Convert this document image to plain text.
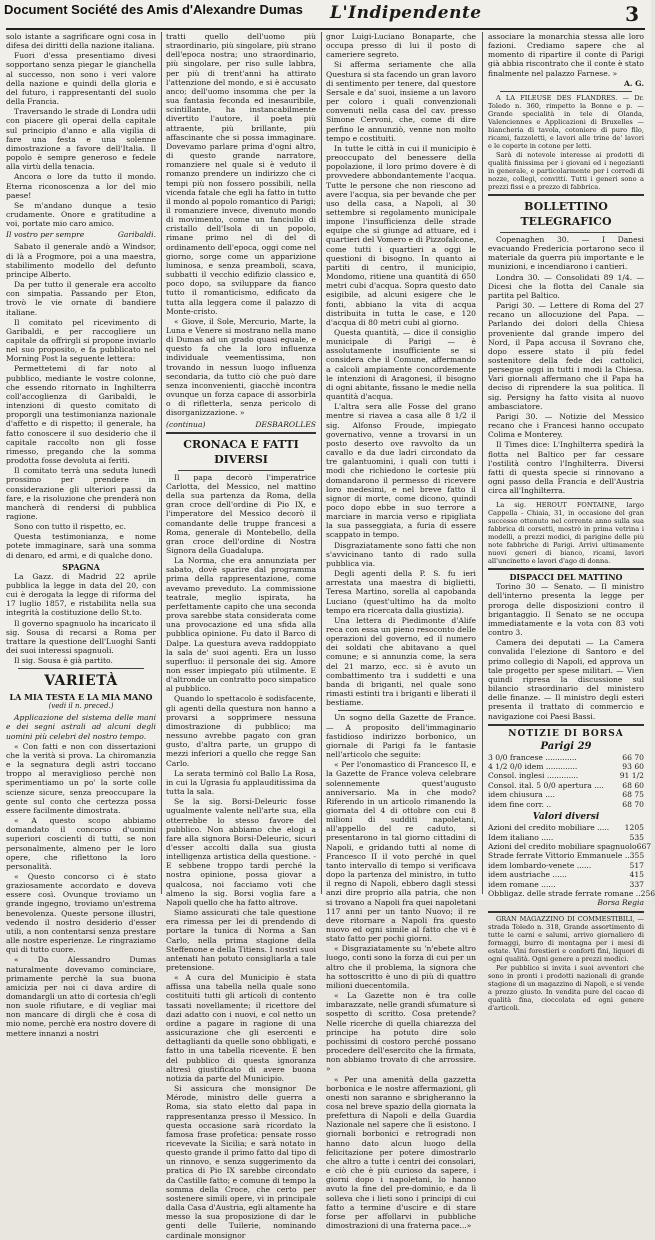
Document Société des Amis d'Alexandre Dumas	L'Indipendente	3

solo istante a sagrificare ogni cosa in difesa dei diritti della nazione italiana.

Fuori d'essa presentiamo divesi sopportano senza piegar le gianchella al successo, non sono i veri valore della nazione e quindi della gloria e del futuro, i rappresentanti del suolo della Francia.

Traversando le strade di Londra udii con piacere gli operai della capitale sul principio d'anno e alla vigilia di fare una festa e una solenne dimostrazione a favore dell'Italia. Il popolo è sempre generoso e fedele alla virtù della tenacia.

Ancora o lore da tutto il mondo. Eterna riconoscenza a lor del mio paese!

Se m'andano dunque a tesio crudamente. Onore e gratitudine a voi, portate mio caro amico.

Il vostro per sempre	Garibaldi.

Sabato il generale andò a Windsor, di là a Frogmore, poi a una maestra, stabilimento modello del defunto principe Alberto.

Da per tutto il generale era accolto con simpatia. Passando per Eton, trovò le vie ornate di bandiere italiane.

Il comitato pel ricevimento di Garibaldi, e per raccogliere un capitale da offrirgli si propone inviarlo nel suo proposito, e fa pubblicato nel Morning Post la seguente lettera:

Permettetemi di far noto al pubblico, mediante le vostre colonne, che essendo ritornato in Inghilterra coll'accoglienza di Garibaldi, le intenzioni di questo comitato di proporgli una testimonianza nazionale d'affetto e di rispetto; il generale, ha fatto conoscere il suo desiderio che il capitale raccolto non gli fosse rimesso, pregando che la somma prodotta fosse devoluta ai feriti.

Il comitato terrà una seduta lunedì prossimo per prendere in considerazione gli ulteriori passi da fare, e la risoluzione che prenderà non mancherà di rendersi di pubblica ragione.

Sono con tutto il rispetto, ec.

Questa testimonianza, e nome potete immaginare, sarà una somma di denaro, ed armi, e di qualche dono.

SPAGNA

La Gazz. di Madrid 22 aprile pubblica la legge in data del 20, con cui è derogata la legge di riforma del 17 luglio 1857, e ristabilita nella sua integrità la costituzione dello St.to.

Il governo spagnuolo ha incaricato il sig. Sousa di recarsi a Roma per trattare la questione dell'Luoghi Santi dei suoi interessi spagnuoli.

Il sig. Sousa è già partito.

VARIETÀ
LA MIA TESTA E LA MIA MANO
(vedi il n. preced.)

Applicazione del sistema delle mani e dei segni astrali ad alcuni degli uomini più celebri del nostro tempo.

« Con fatti e non con dissertazioni che la verità si prova. La chiromanzia e la segnatura degli astri toccano troppo al meraviglioso perchè non sperimentiamo un po' la sorte colle scienze sicure, senza preoccupare la gente sul conto che certezza possa essere facilmente dimostrata.

« A questo scopo abbiamo domandato il concorso d'uomini superiori coscienti di tutti, se non personalmente, almeno per le loro opere, che riflettono la loro personalità.

« Questo concorso ci è stato graziosamente accordato e doveva essere così. Ovunque troviamo un grande ingegno, troviamo un'estrema benevolenza. Queste persone illustri, vedendo il nostro desiderio d'esser utili, a non contentarsi senza prestare alle nostre esperienze. Le ringraziamo qui di tutto cuore.

« Da Alessandro Dumas naturalmente dovevamo cominciare, primamente perchè la sua buona amicizia per noi ci dava ardire di domandargli un atto di cortesia ch'egli non suole rifiutare, e di vegliar mai non mancare di dirgli che è cosa di mio nome, perchè era nostro dovere di mettere innanzi a nostri

tratti quello dell'uomo più straordinario, più singolare, più strano dell'epoca nostra; uno straordinario, più singolare, per riso sulle labbra, per più di trent'anni ha attirato l'attenzione del mondo, e si è accusato anco; dell'uomo insomma che per la sua fantasia feconda ed inesauribile, scintillante, ha instancabilmente divertito l'autore, il poeta più attraente, più brillante, più affascinante che si possa immaginare. Dovevamo parlare prima d'ogni altro, di questo grande narratore, romanziere nel quale si è veduto il romanzo prendere un indirizzo che ci tempi più non fossero possibili, nella vicenda fatale che egli ha fatto in tutto il mondo al popolo romantico di Parigi; il romanziere invece, divenuto mondo di movimento, come un fanciullo di cristallo dell'Isola di un popolo, rimane primo nel dì del dì ordinamento dell'epoca, oggi come nel giorno, sorge come un apparizione luminosa, e senza preamboli, scava, subbatti il vecchio edifizio classico e, poco dopo, sa sviluppare da fianco tutto il romanticismo, edificato da tutta alla leggera come il palazzo di Monte-cristo.

« Giove, il Sole, Mercurio, Marte, la Luna e Venere si mostrano nella mano di Dumas ad un grado quasi eguale, e questo fa che la loro influenza individuale veementissima, non trovando in nessun luogo influenza secondaria, da tutto ciò che può dare senza inconvenienti, giacchè incontra ovunque un forza capace di assorbirla o di rifletterla, senza pericolo di disorganizzazione. »

(continua)	DESBAROLLES
CRONACA E FATTI DIVERSI

Il papa decorò l'imperatrice Carlotta, del Messico, nel mattino della sua partenza da Roma, della gran croce dell'ordine di Pio IX, e l'imperatore del Messico decorò il comandante delle truppe francesi a Roma, generale di Montebello, della gran croce dell'ordine di Nostra Signora della Guadalupa.

La Norma, che era annunziata per sabato, dovè sparire dal programma prima della rappresentazione, come avevamo preveduto. La commissione teatrale, meglio ispirata, ha perfettamente capito che una seconda prova sarebbe stata considerata come una provocazione ed una sfida alla pubblica opinione. Fu dato il Barco di Dalpe. La questura aveva raddoppiato la sala de' suoi agenti. Era un lusso superfluo: il personale dei sig. Amore non esser impiegato più utilmente. E d'altronde un contratto poco simpatico al pubblico.

Quando lo spettacolo è sodisfacente, gli agenti della questura non hanno a provarsi a sopprimere nessuna dimostrazione di pubblico; ma nessuno avrebbe pagato con gran gusto, d'altra parte, un gruppo di mezzi inferiori a quello che regge San Carlo.

La serata terminò col Ballo La Rosa, in cui la Ugrasia fu applauditissima da tutta la sala.

Se la sig. Borsi-Deleuric fosse ugualmente valente nell'arte sua, ella otterrebbe lo stesso favore del pubblico. Non abbiamo che elogi a fare alla signora Borsi-Deleuric, sicuri d'esser accolti dalla sua giusta intelligenza artistica della questione. - E sebbene troppo tardi perché la nostra opinione, possa giovar a qualcosa, noi facciamo voti che almeno la sig. Borsi voglia fare a Napoli quello che ha fatto altrove.

Siamo assicurati che tale questione era rimessa per lei di prendendo di portare la tunica di Norma a San Carlo, nella prima stagione della Steffenone e della Titiens. I nostri suoi antenati han potuto consigliarla a tale pretensione.

« A cura del Municipio è stata affissa una tabella nella quale sono costituiti tutti gli articoli di contento tassati novellamente; il ricettore del dazi adatto con i nuovi, e col netto un ordine a pagare in ragione di una assicurazione che gli esercenti e dettaglianti da quelle sono obbligati, e fatto in una tabella ricevente. E ben del pubblico di questa ignoranza altresì giustificato di avere buona notizia da parte del Municipio.

Si assicura che monsignor De Mérode, ministro delle guerra a Roma, sia stato eletto dal papa in rappresentanza presso il Messico. In questa occasione sarà ricordato la famosa frase profetica: pensate rosso ricevevate la Sicilia; e sarà notato in questo grande il primo fatto dal tipo di un rinnovo, e senza suggerimento da pratica di Pio IX sarebbe circondato da Castille fatto; e comune di tempo la somma della Croce, che certo per sostenere simili opere, vi in principale dalla Casa d'Austria, egli altamente ha messo la sua proposizione di dar le genti delle Tuilerie, nominando cardinale monsignor

gnor Luigi-Luciano Bonaparte, che occupa presso di lui il posto di cameriere segreto.

Si afferma seriamente che alla Questura si sta facendo un gran lavoro di sentimento per tenere, dal questore Sersale e da' suoi, insieme a un lavoro per coloro i quali convenzionali convenuti nella casa del cav. presso Simone Cervoni, che, come di dire perfino le annunziò, venne non molto tempo e costituiti.

In tutte le città in cui il municipio è preoccupato del benessere della popolazione, il loro primo dovere è di provvedere abbondantemente l'acqua. Tutte le persone che non riescono ad avere l'acqua, sia per bevande che per uso della casa, a Napoli, al 30 settembre si regolamento municipale impone l'insufficienza delle strade equipe che si giunge ad attuare, ed i quartieri del Vomero e di Pizzofalcone, come tutti i quartieri a oggi le questioni di bisogno. In quanto ai partiti di centro, il municipio, Mondomo, ritiene una quantità di 650 metri cubi d'acqua. Sopra questo dato esigibile, ad alcuni esigere che le fonti, abbiano la vita di acqua distribuita in tutta le case, e 120 d'acqua di 80 metri cubi al giorno.

Questa quantità, — dice il consiglio municipale di Parigi — è assolutamente insufficiente se si considera che il Comune, affermando a calcoli ampiamente concordemente le intenzioni di Aragonesi, il bisogno di ogni abitante, fissano le medie nella quantità d'acqua.

L'altra sera alle Fosse del grano mentre si riavea a casa alle 8 1/2 il sig. Alfonso Froude, impiegato governativo, venne a trovarsi in un posto deserto ove ravvolto da un cavallo e da due ladri circondato da tre galantuomini, i quali con tutti i modi che richiedono le cortesie più domandarono il permesso di ricevere loro medesimi, e nel breve fatto il signor di morte, come dicono, quindi poco dopo ebbe in suo terrore a marciare in marcia verso e ripigliata la sua passeggiata, a furia di essere scappato in tempo.

Disgraziatamente sono fatti che non s'avvicinano tanto di rado sulla pubblica via.

Degli agenti della P. S. fu ieri arrestata una maestra di biglietti, Teresa Martino, sorella al capobanda Luciano (quest'ultimo ha da molto tempo era ricercata dalla giustizia).

Una lettera di Piedimonte d'Alife reca con essa un pieno resoconto delle operazioni del governo, ed il numero dei soldati che abitavano a quel comune; e si annunzia come, la sera del 21 marzo, ecc. si è avuto un combattimento tra i suddetti e una banda di briganti, nel quale sono rimasti estinti tra i briganti e liberati il bestiame.

Un sogno della Gazette de France. — A proposito dell'immaginario fastidioso indirizzo borbonico, un giornale di Parigi fa le fantasie nell'articolo che seguite:

« Per l'onomastico di Francesco II, e la Gazette de France voleva celebrare solennemente quest'augusto anniversario. Ma in che modo? Riferendo in un articolo rimanendo la giornata del 4 di ottobre con cui 8 milioni di sudditi napoletani, all'appello del re caduto, si presentarono in tal giorno cittadini di Napoli, e gridando tutti al nome di Francesco II il voto perché in quel tanto intervallo di tempo si verificava dopo la partenza del ministro, in tutto il regno di Napoli, ebbero dagli stessi anzi dire proprio alla patria, che non si trovano a Napoli fra quei napoletani 117 anni per un tanto Nuovo; il re deve ritornare a Napoli fra questo nuovo ed ogni simile al fatto che vi è stato fatto per pochi giorni.

« Disgraziatamente su 'n'ebete altro luogo, conti sono la forza di cui per un altro che il problema, la signora che ha sottoscritto è uno di più di quattro milioni duecentomila.

« La Gazette non è tra colle imbarazzate, nelle grandi sfumature sì sospetto di scritto. Cosa pretende? Nelle ricerche di quella chiarezza del principe ha potuto dire solo pochissimi di costoro perché possano procedere dell'esercito che la firmata, non abbiamo trovato di che arrossire. »

« Per una amenità della gazzetta borbonica e le nostre affermazioni, gli onesti non saranno e sbrigheranno la cosa nel breve spazio della giornata la prefettura di Napoli e della Guardia Nazionale nel sapere che lì esistono. I giornali borbonici e retrogradi non hanno dato alcun luogo della felicitazione per potere dimostrarlo che altro a tutte i centri dei consolari, e ciò che è più curioso da sapere, i giorni dopo i napoletani, lo hanno avuto la fine del pre-dominio, e da lì solleva che i lieti sono i principi di cui fatto a termine d'uscire e di stare forse per affollarvi in pubbliche dimostrazioni di una fraterna pace...»

associare la monarchia stessa alle loro fazioni. Crediamo sapere che al momento di ripartire il conte di Parigi già abbia riscontrato che il conte è stato finalmente nel palazzo Farnese. »

A. G.

A LA FILEUSE DES FLANDRES. — Dr. Toledo n. 360, rimpetto la Bonne e p. — Grande specialità in tele di Olanda, Valenciennes e Applicazioni di Bruxelles — biancheria di tavola, cotoniere di puro filo, ricami, fazzoletti, e lavori alle trine de' lavori e le coperte in cotone per letti.

Sarà di notevole interesse ai prodotti di qualità finissima per i giovani ed i negozianti in generale, e particolarmente per i corredi di nozze, collegi, convitti. Tutti i generi sono a prezzi fissi e a prezzo di fabbrica.

BOLLETTINO TELEGRAFICO

Copenaghen 30. — I Danesi evacuando Fredericia portarono seco il materiale da guerra più importante e le munizioni, e incendiarono i cantieri.

Londra 30. — Consolidati 89 1/4. — Dicesi che la flotta del Canale sia partita pel Baltico.

Parigi 30. — Lettere di Roma del 27 recano un allocuzione del Papa. — Parlando dei dolori della Chiesa proveniente dal grande impero del Nord, il Papa accusa il Sovrano che, dopo essere stato il più fedel sostenitore della fede dei cattolici, persegue oggi in tutti i modi la Chiesa. Vari giornali affermano che il Papa ha deciso di riprendere la sua politica. Il sig. Persigny ha fatto visita al nuovo ambasciatore.

Parigi 30. — Notizie del Messico recano che i Francesi hanno occupato Colima e Monterey.

Il Times dice: L'Inghilterra spedirà la flotta nel Baltico per far cessare l'ostilità contro l'Inghilterra. Diversi fatti di questa specie si rinnovano a ogni passo della Francia e dell'Austria circa all'Inghilterra.

La sig. HEROUT FONTAINE, largo Cappella - Chiaia, 31, in occasione del gran successo ottenuto nel corrente anno sulla sua fabbrica di corsetti, mostrò in prima vetrina i modelli, a prezzi modici, di parigine delle più note fabbriche di Parigi. Arrivi ultimamente nuovi generi di bianco, ricami, lavori all'uncinetto e lavori d'ago di donna.

DISPACCI DEL MATTINO

Torino 30 — Senato. — Il ministro dell'interno presenta la legge per proroga delle disposizioni contro il brigantaggio. Il Senato se ne occupa immediatamente e la vota con 83 voti contro 3.

Camera dei deputati — La Camera convalida l'elezione di Santoro e del primo collegio di Napoli, ed approva un tale progetto per spese militari. — Vien quindi ripresa la discussione sul bilancio straordinario del ministero delle finanze. — Il ministro degli esteri presenta il trattato di commercio e navigazione coi Paesi Bassi.

NOTIZIE DI BORSA
Parigi 29
3 0/0 francese .............	66 70
4 1/2 0/0 idem .............	93 60
Consol. inglesi .............	91 1/2
Consol. ital. 5 0/0 apertura ....	68 60
idem chiusura ....	68 75
idem fine corr. ..	68 70
Valori diversi
Azioni del credito mobiliare .....	1205
Idem italiano .....	535
Azioni del credito mobiliare spagnuolo 667
Strade ferrate Vittorio Emmanuele .. 355
idem lombardo-venete ......	517
idem austriache ......	415
idem romane ......	337
Obbligaz. delle strade ferrate romane .. 256

Borsa Regia

GRAN MAGAZZINO DI COMMESTIBILI, — strada Toledo n. 318, Grande assortimento di tutte le carni e salumi, arrivo giornaliero di formaggi, burro di montagna per i mesi di estate. Vini forestieri e conforti fini, liquori di ogni qualità. Ogni genere a prezzi modici.

Per pubblico si invita i suoi avventori che sono in pronti i prodotti nazionali di grande stagione di un magazzino di Napoli, e si vende a prezzo giusto. In vendita pure del cacao di qualità fina, cioccolata ed ogni genere d'articoli.
